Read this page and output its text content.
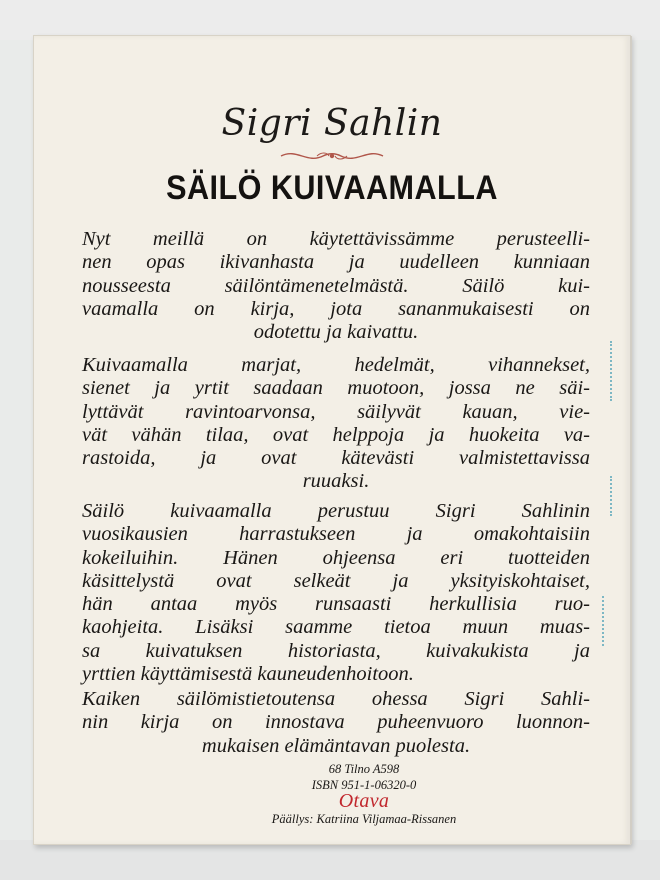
Sigri Sahlin
SÄILÖ KUIVAAMALLA
Nyt meillä on käytettävissämme perusteelli-
nen opas ikivanhasta ja uudelleen kunniaan
nousseesta säilöntämenetelmästä. Säilö kui-
vaamalla on kirja, jota sananmukaisesti on
odotettu ja kaivattu.
Kuivaamalla marjat, hedelmät, vihannekset,
sienet ja yrtit saadaan muotoon, jossa ne säi-
lyttävät ravintoarvonsa, säilyvät kauan, vie-
vät vähän tilaa, ovat helppoja ja huokeita va-
rastoida, ja ovat kätevästi valmistettavissa
ruuaksi.
Säilö kuivaamalla perustuu Sigri Sahlinin
vuosikausien harrastukseen ja omakohtaisiin
kokeiluihin. Hänen ohjeensa eri tuotteiden
käsittelystä ovat selkeät ja yksityiskohtaiset,
hän antaa myös runsaasti herkullisia ruo-
kaohjeita. Lisäksi saamme tietoa muun muas-
sa kuivatuksen historiasta, kuivakukista ja
yrttien käyttämisestä kauneudenhoitoon.
Kaiken säilömistietoutensa ohessa Sigri Sahli-
nin kirja on innostava puheenvuoro luonnon-
mukaisen elämäntavan puolesta.
68 Tilno A598
ISBN 951-1-06320-0
Otava
Päällys: Katriina Viljamaa-Rissanen
